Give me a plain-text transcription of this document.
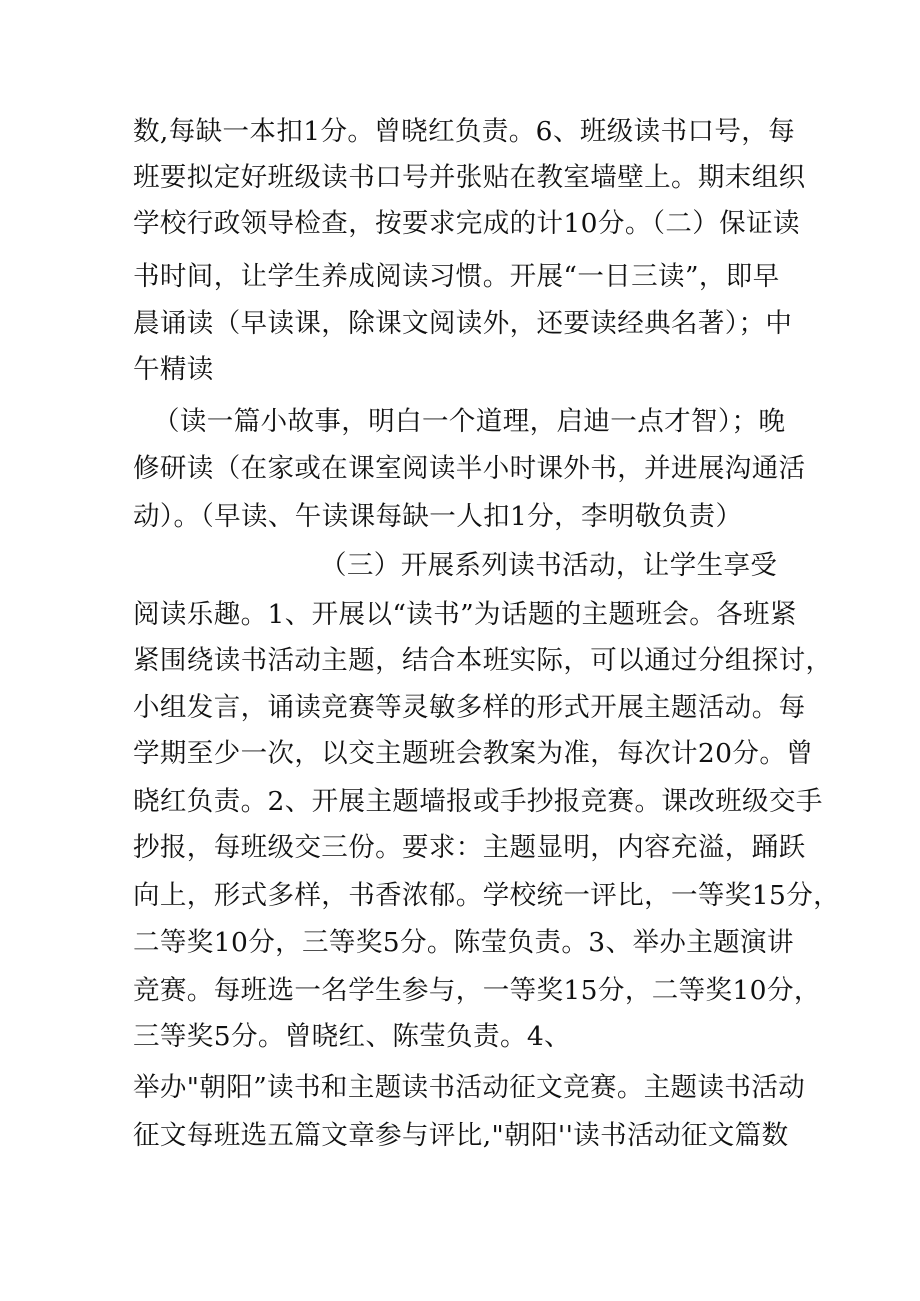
数,每缺一本扣1分。曾晓红负责。6、班级读书口号，每

班要拟定好班级读书口号并张贴在教室墙壁上。期末组织

学校行政领导检查，按要求完成的计10分。（二）保证读

书时间，让学生养成阅读习惯。开展“一日三读”，即早

晨诵读（早读课，除课文阅读外，还要读经典名著）；中

午精读

（读一篇小故事，明白一个道理，启迪一点才智）；晚

修研读（在家或在课室阅读半小时课外书，并进展沟通活

动）。（早读、午读课每缺一人扣1分，李明敬负责）

（三）开展系列读书活动，让学生享受

阅读乐趣。1、开展以“读书”为话题的主题班会。各班紧

紧围绕读书活动主题，结合本班实际，可以通过分组探讨，

小组发言，诵读竞赛等灵敏多样的形式开展主题活动。每

学期至少一次，以交主题班会教案为准，每次计20分。曾

晓红负责。2、开展主题墙报或手抄报竞赛。课改班级交手

抄报，每班级交三份。要求：主题显明，内容充溢，踊跃

向上，形式多样，书香浓郁。学校统一评比，一等奖15分，

二等奖10分，三等奖5分。陈莹负责。3、举办主题演讲

竞赛。每班选一名学生参与，一等奖15分，二等奖10分，

三等奖5分。曾晓红、陈莹负责。4、

举办"朝阳”读书和主题读书活动征文竞赛。主题读书活动

征文每班选五篇文章参与评比,"朝阳''读书活动征文篇数
